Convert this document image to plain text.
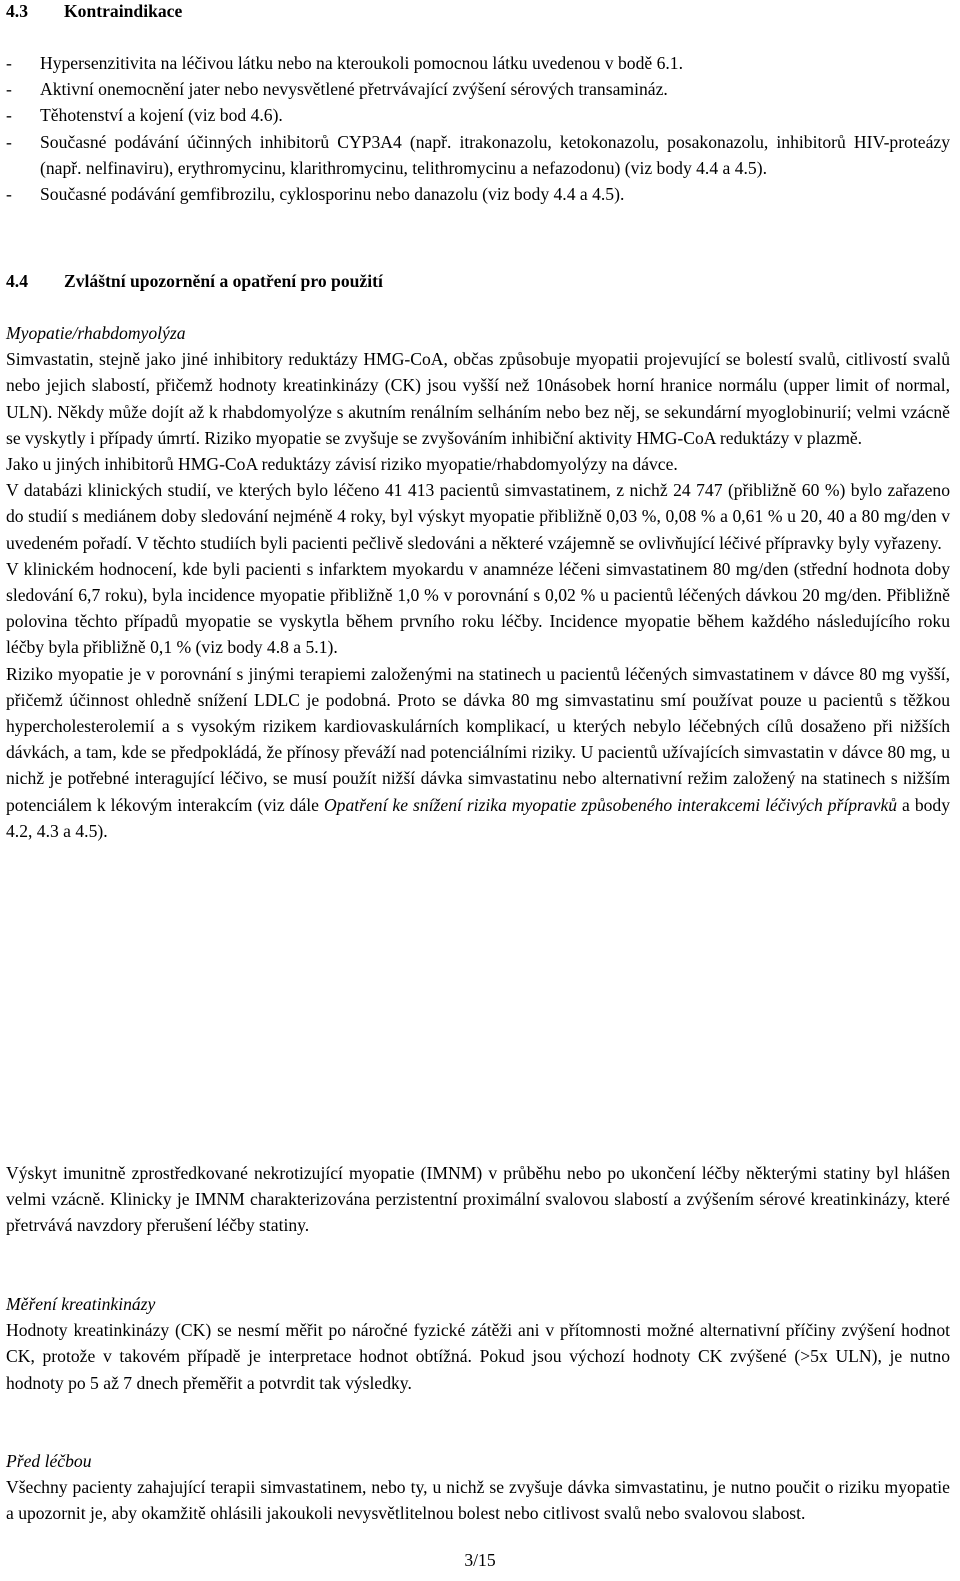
4.3 Kontraindikace
- Hypersenzitivita na léčivou látku nebo na kteroukoli pomocnou látku uvedenou v bodě 6.1.
- Aktivní onemocnění jater nebo nevysvětlené přetrvávající zvýšení sérových transamináz.
- Těhotenství a kojení (viz bod 4.6).
- Současné podávání účinných inhibitorů CYP3A4 (např. itrakonazolu, ketokonazolu, posakonazolu, inhibitorů HIV-proteázy (např. nelfinaviru), erythromycinu, klarithromycinu, telithromycinu a nefazodonu) (viz body 4.4 a 4.5).
- Současné podávání gemfibrozilu, cyklosporinu nebo danazolu (viz body 4.4 a 4.5).
4.4 Zvláštní upozornění a opatření pro použití
Myopatie/rhabdomyolýza
Simvastatin, stejně jako jiné inhibitory reduktázy HMG-CoA, občas způsobuje myopatii projevující se bolestí svalů, citlivostí svalů nebo jejich slabostí, přičemž hodnoty kreatinkinázy (CK) jsou vyšší než 10násobek horní hranice normálu (upper limit of normal, ULN). Někdy může dojít až k rhabdomyolýze s akutním renálním selháním nebo bez něj, se sekundární myoglobinurií; velmi vzácně se vyskytly i případy úmrtí. Riziko myopatie se zvyšuje se zvyšováním inhibiční aktivity HMG-CoA reduktázy v plazmě.
Jako u jiných inhibitorů HMG-CoA reduktázy závisí riziko myopatie/rhabdomyolýzy na dávce.
V databázi klinických studií, ve kterých bylo léčeno 41 413 pacientů simvastatinem, z nichž 24 747 (přibližně 60 %) bylo zařazeno do studií s mediánem doby sledování nejméně 4 roky, byl výskyt myopatie přibližně 0,03 %, 0,08 % a 0,61 % u 20, 40 a 80 mg/den v uvedeném pořadí. V těchto studiích byli pacienti pečlivě sledováni a některé vzájemně se ovlivňující léčivé přípravky byly vyřazeny.
V klinickém hodnocení, kde byli pacienti s infarktem myokardu v anamnéze léčeni simvastatinem 80 mg/den (střední hodnota doby sledování 6,7 roku), byla incidence myopatie přibližně 1,0 % v porovnání s 0,02 % u pacientů léčených dávkou 20 mg/den. Přibližně polovina těchto případů myopatie se vyskytla během prvního roku léčby. Incidence myopatie během každého následujícího roku léčby byla přibližně 0,1 % (viz body 4.8 a 5.1).
Riziko myopatie je v porovnání s jinými terapiemi založenými na statinech u pacientů léčených simvastatinem v dávce 80 mg vyšší, přičemž účinnost ohledně snížení LDLC je podobná. Proto se dávka 80 mg simvastatinu smí používat pouze u pacientů s těžkou hypercholesterolemií a s vysokým rizikem kardiovaskulárních komplikací, u kterých nebylo léčebných cílů dosaženo při nižších dávkách, a tam, kde se předpokládá, že přínosy převáží nad potenciálními riziky. U pacientů užívajících simvastatin v dávce 80 mg, u nichž je potřebné interagující léčivo, se musí použít nižší dávka simvastatinu nebo alternativní režim založený na statinech s nižším potenciálem k lékovým interakcím (viz dále Opatření ke snížení rizika myopatie způsobeného interakcemi léčivých přípravků a body 4.2, 4.3 a 4.5).
Výskyt imunitně zprostředkované nekrotizující myopatie (IMNM) v průběhu nebo po ukončení léčby některými statiny byl hlášen velmi vzácně. Klinicky je IMNM charakterizována perzistentní proximální svalovou slabostí a zvýšením sérové kreatinkinázy, které přetrvává navzdory přerušení léčby statiny.
Měření kreatinkinázy
Hodnoty kreatinkinázy (CK) se nesmí měřit po náročné fyzické zátěži ani v přítomnosti možné alternativní příčiny zvýšení hodnot CK, protože v takovém případě je interpretace hodnot obtížná. Pokud jsou výchozí hodnoty CK zvýšené (>5x ULN), je nutno hodnoty po 5 až 7 dnech přeměřit a potvrdit tak výsledky.
Před léčbou
Všechny pacienty zahajující terapii simvastatinem, nebo ty, u nichž se zvyšuje dávka simvastatinu, je nutno poučit o riziku myopatie a upozornit je, aby okamžitě ohlásili jakoukoli nevysvětlitelnou bolest nebo citlivost svalů nebo svalovou slabost.
3/15
